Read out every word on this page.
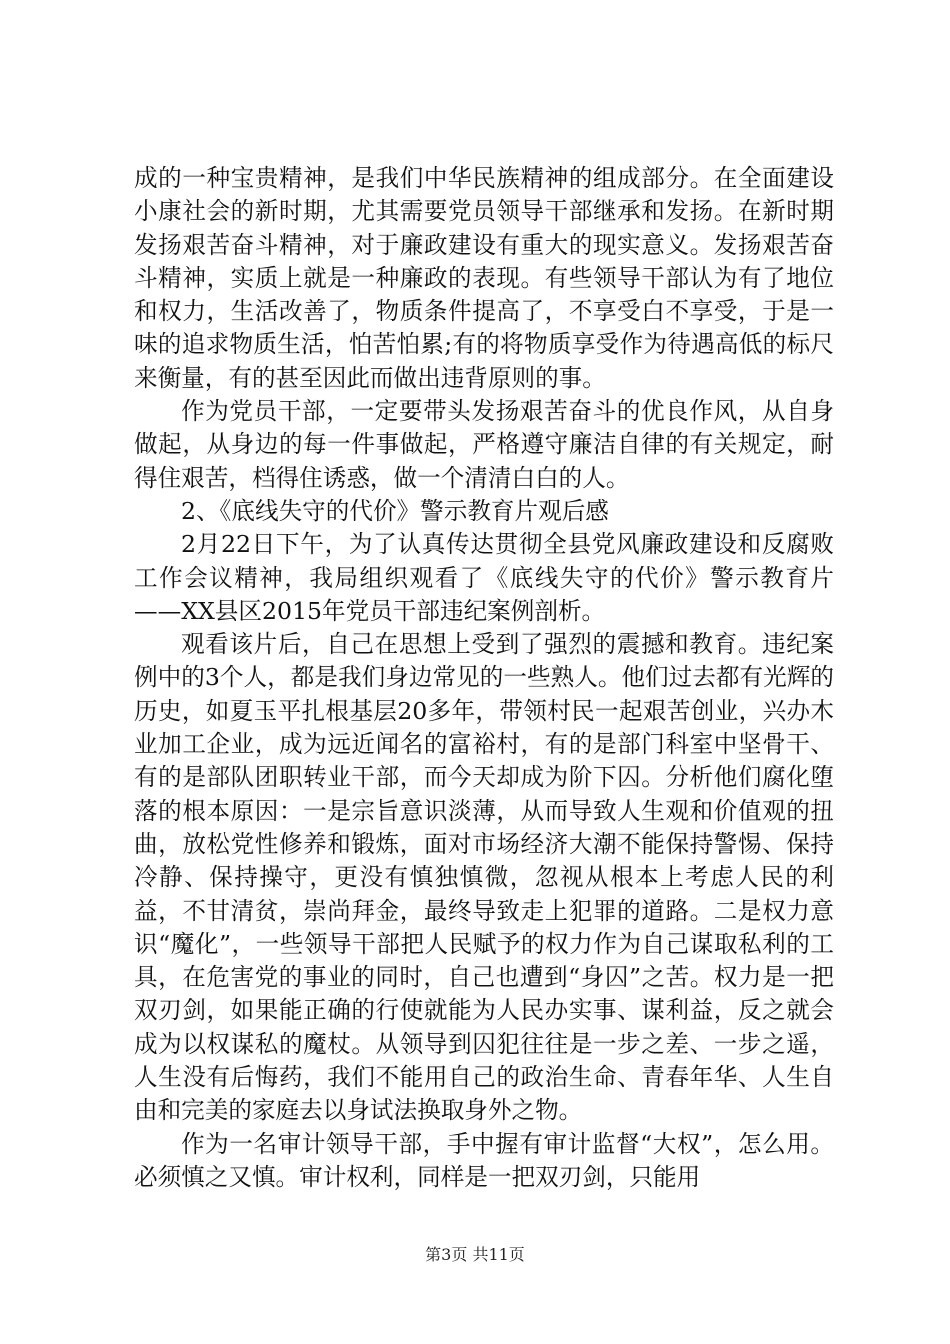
成的一种宝贵精神，是我们中华民族精神的组成部分。在全面建设小康社会的新时期，尤其需要党员领导干部继承和发扬。在新时期发扬艰苦奋斗精神，对于廉政建设有重大的现实意义。发扬艰苦奋斗精神，实质上就是一种廉政的表现。有些领导干部认为有了地位和权力，生活改善了，物质条件提高了，不享受白不享受，于是一味的追求物质生活，怕苦怕累;有的将物质享受作为待遇高低的标尺来衡量，有的甚至因此而做出违背原则的事。

作为党员干部，一定要带头发扬艰苦奋斗的优良作风，从自身做起，从身边的每一件事做起，严格遵守廉洁自律的有关规定，耐得住艰苦，档得住诱惑，做一个清清白白的人。

2、《底线失守的代价》警示教育片观后感

2月22日下午，为了认真传达贯彻全县党风廉政建设和反腐败工作会议精神，我局组织观看了《底线失守的代价》警示教育片——XX县区2015年党员干部违纪案例剖析。

观看该片后，自己在思想上受到了强烈的震撼和教育。违纪案例中的3个人，都是我们身边常见的一些熟人。他们过去都有光辉的历史，如夏玉平扎根基层20多年，带领村民一起艰苦创业，兴办木业加工企业，成为远近闻名的富裕村，有的是部门科室中坚骨干、有的是部队团职转业干部，而今天却成为阶下囚。分析他们腐化堕落的根本原因：一是宗旨意识淡薄，从而导致人生观和价值观的扭曲，放松党性修养和锻炼，面对市场经济大潮不能保持警惕、保持冷静、保持操守，更没有慎独慎微，忽视从根本上考虑人民的利益，不甘清贫，崇尚拜金，最终导致走上犯罪的道路。二是权力意识“魔化”，一些领导干部把人民赋予的权力作为自己谋取私利的工具，在危害党的事业的同时，自己也遭到“身囚”之苦。权力是一把双刃剑，如果能正确的行使就能为人民办实事、谋利益，反之就会成为以权谋私的魔杖。从领导到囚犯往往是一步之差、一步之遥，人生没有后悔药，我们不能用自己的政治生命、青春年华、人生自由和完美的家庭去以身试法换取身外之物。

作为一名审计领导干部，手中握有审计监督“大权”，怎么用。必须慎之又慎。审计权利，同样是一把双刃剑，只能用

第3页 共11页
